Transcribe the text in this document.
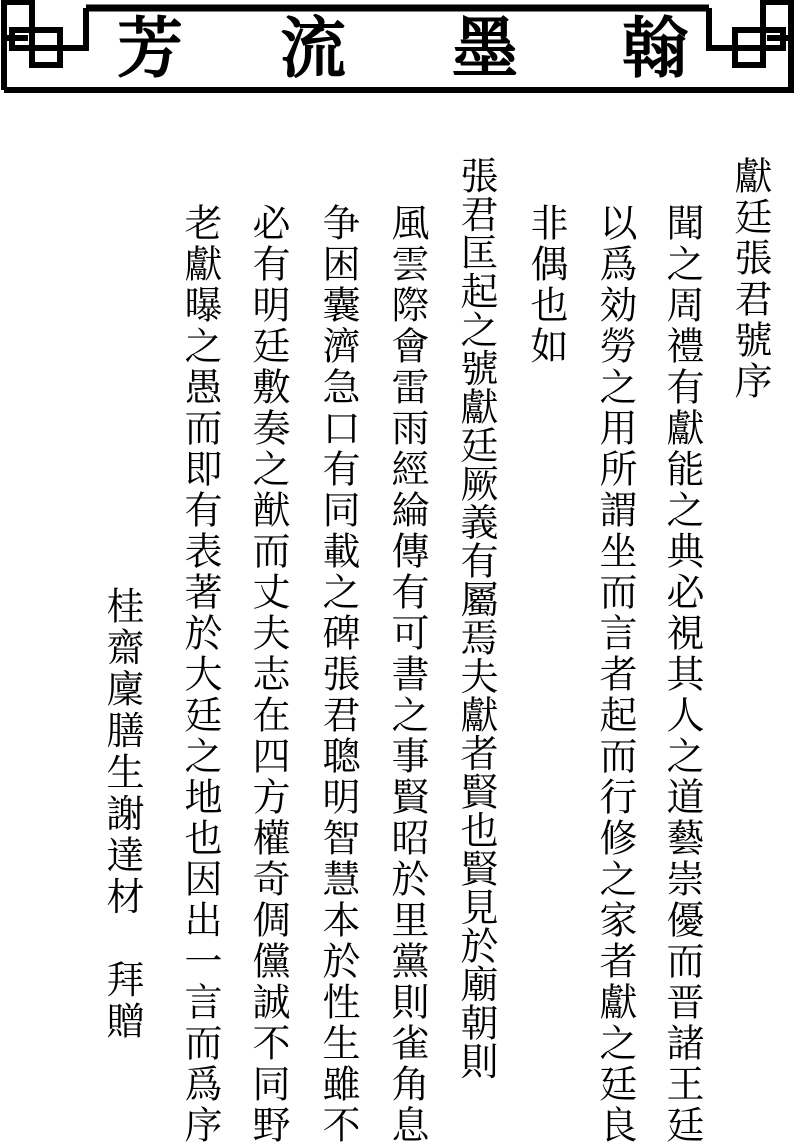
芳 流 墨 翰
獻廷張君號序
聞之周禮有獻能之典必視其人之道藝崇優而晋諸王廷
以爲効勞之用所謂坐而言者起而行修之家者獻之廷良
非偶也如
張君匡起之號獻廷厥義有屬焉夫獻者賢也賢見於廟朝則
風雲際會雷雨經綸傳有可書之事賢昭於里黨則雀角息
争困囊濟急口有同載之碑張君聰明智慧本於性生雖不
必有明廷敷奏之猷而丈夫志在四方權奇倜儻誠不同野
老獻曝之愚而即有表著於大廷之地也因出一言而爲序
桂齋廩膳生謝達材　拜贈
